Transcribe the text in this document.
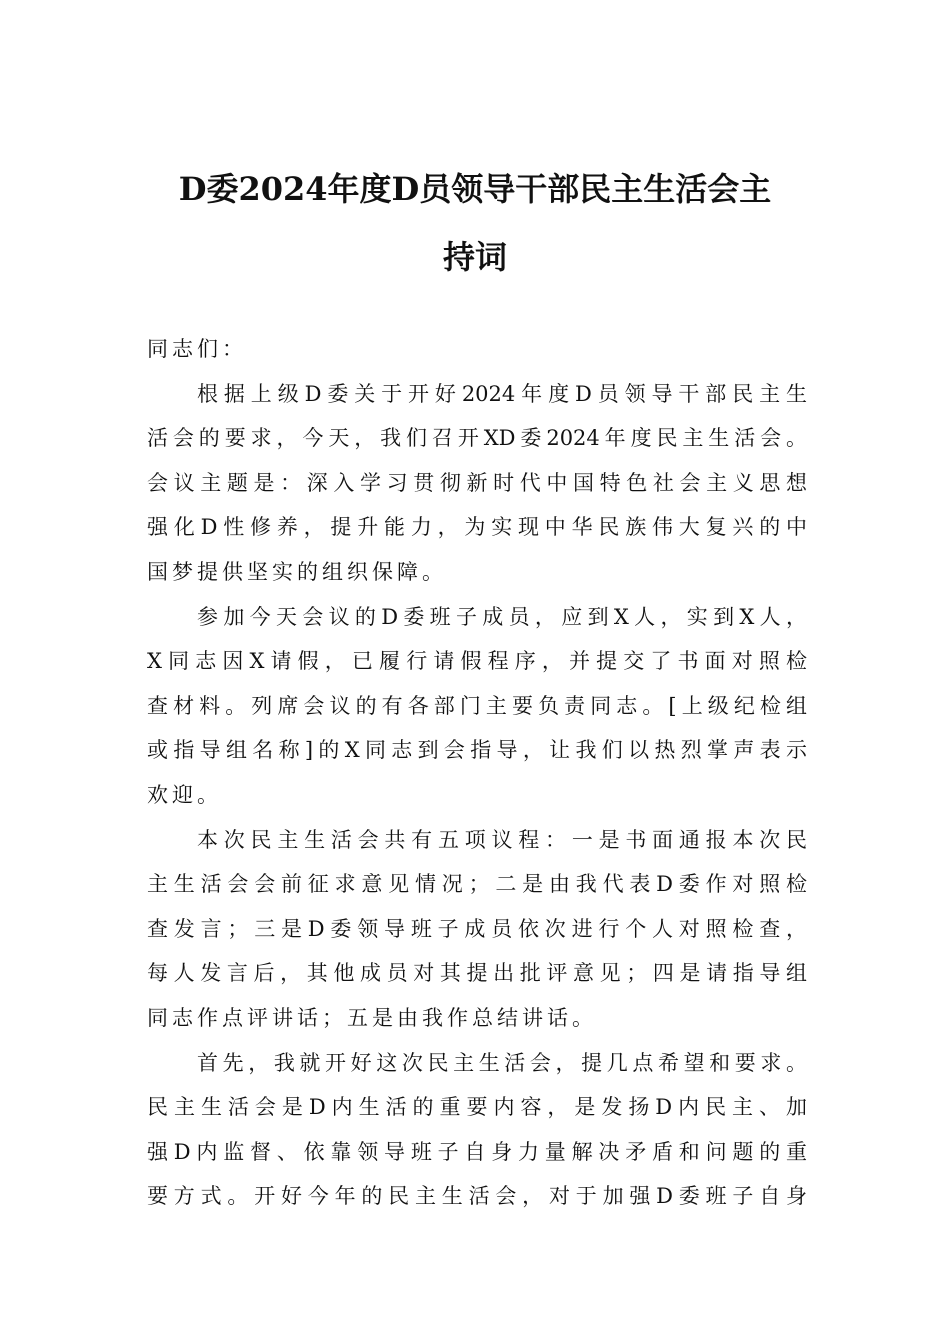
D委2024年度D员领导干部民主生活会主
持词
同志们：
根据上级D委关于开好2024年度D员领导干部民主生
活会的要求，今天，我们召开XD委2024年度民主生活会。
会议主题是：深入学习贯彻新时代中国特色社会主义思想
强化D性修养，提升能力，为实现中华民族伟大复兴的中
国梦提供坚实的组织保障。
参加今天会议的D委班子成员，应到X人，实到X人，
X同志因X请假，已履行请假程序，并提交了书面对照检
查材料。列席会议的有各部门主要负责同志。[上级纪检组
或指导组名称]的X同志到会指导，让我们以热烈掌声表示
欢迎。
本次民主生活会共有五项议程：一是书面通报本次民
主生活会会前征求意见情况；二是由我代表D委作对照检
查发言；三是D委领导班子成员依次进行个人对照检查，
每人发言后，其他成员对其提出批评意见；四是请指导组
同志作点评讲话；五是由我作总结讲话。
首先，我就开好这次民主生活会，提几点希望和要求。
民主生活会是D内生活的重要内容，是发扬D内民主、加
强D内监督、依靠领导班子自身力量解决矛盾和问题的重
要方式。开好今年的民主生活会，对于加强D委班子自身
